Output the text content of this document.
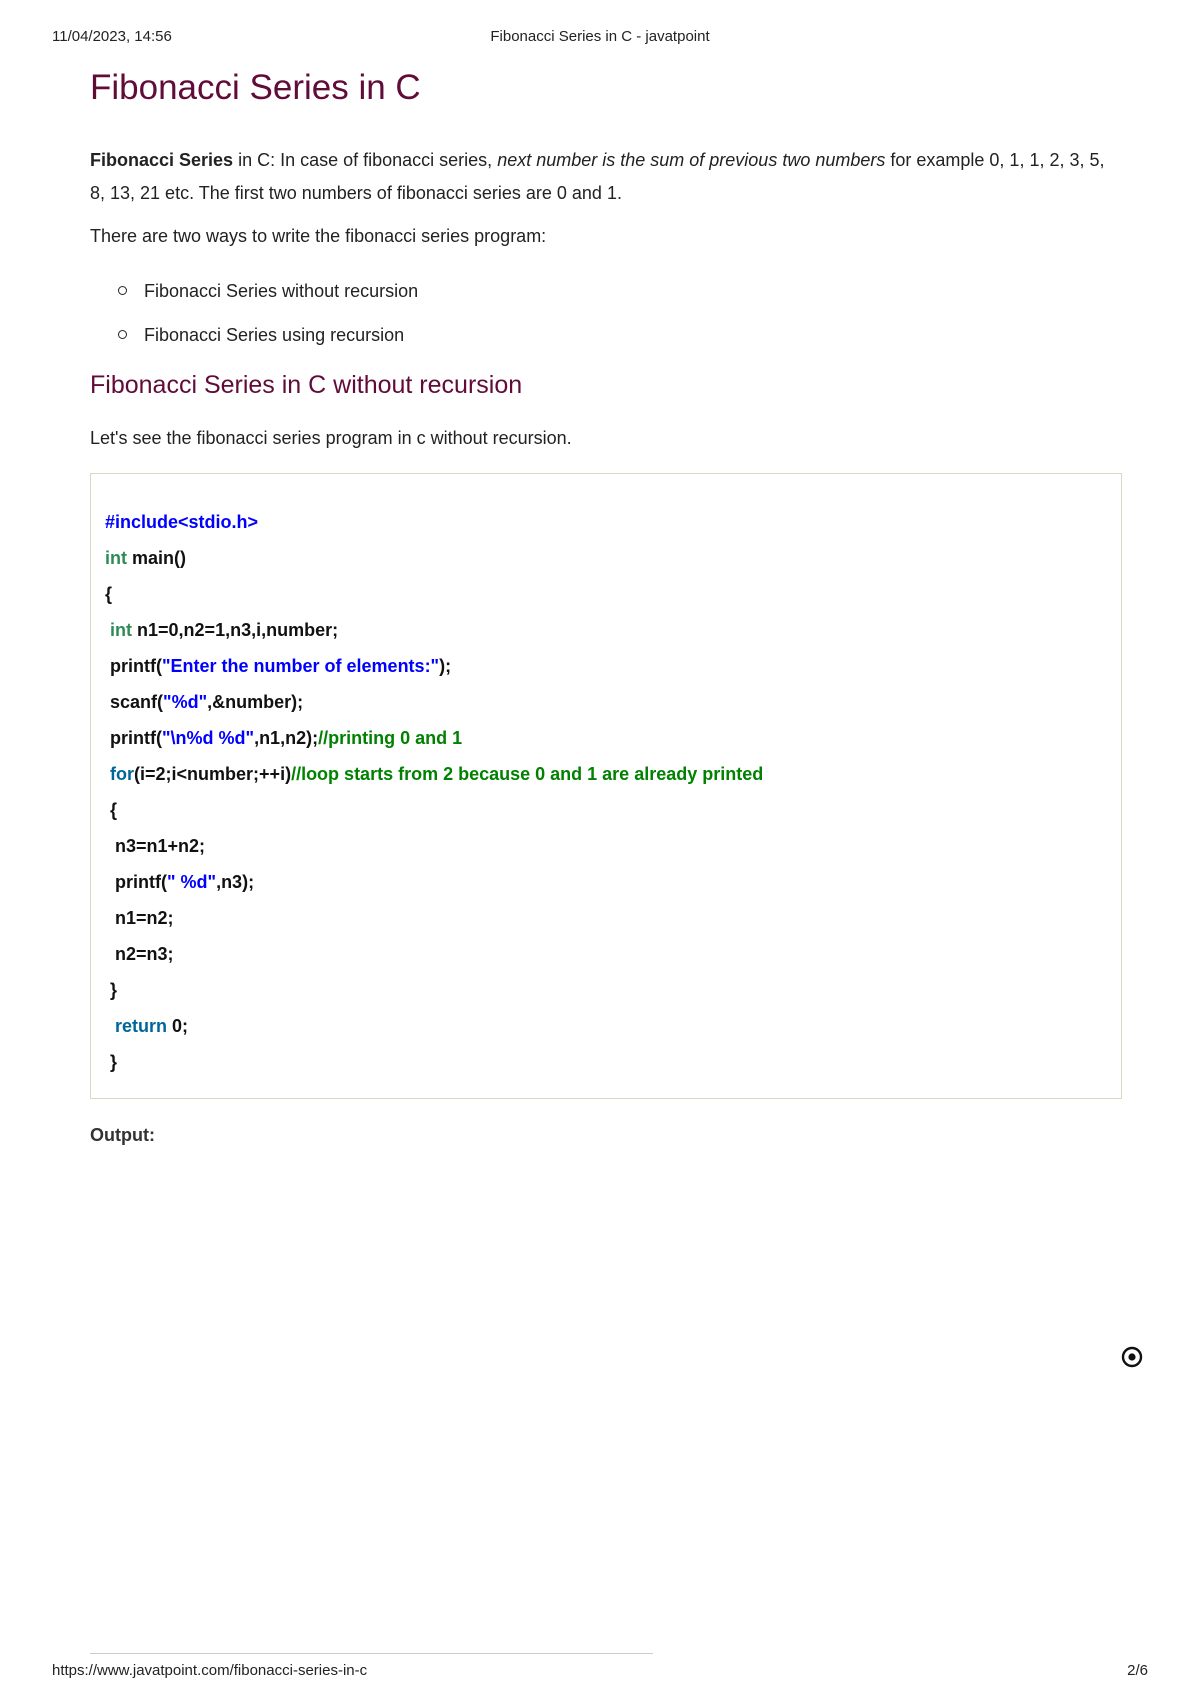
11/04/2023, 14:56	Fibonacci Series in C - javatpoint
Fibonacci Series in C

Fibonacci Series in C: In case of fibonacci series, next number is the sum of previous two numbers for example 0, 1, 1, 2, 3, 5, 8, 13, 21 etc. The first two numbers of fibonacci series are 0 and 1.

There are two ways to write the fibonacci series program:

Fibonacci Series without recursion
Fibonacci Series using recursion
Fibonacci Series in C without recursion

Let's see the fibonacci series program in c without recursion.

#include<stdio.h>
int main()
{
int n1=0,n2=1,n3,i,number;
printf("Enter the number of elements:");
scanf("%d",&number);
printf("\n%d %d",n1,n2);//printing 0 and 1
for(i=2;i<number;++i)//loop starts from 2 because 0 and 1 are already printed
{
n3=n1+n2;
printf(" %d",n3);
n1=n2;
n2=n3;
}
return 0;
}
Output:
https://www.javatpoint.com/fibonacci-series-in-c	2/6
